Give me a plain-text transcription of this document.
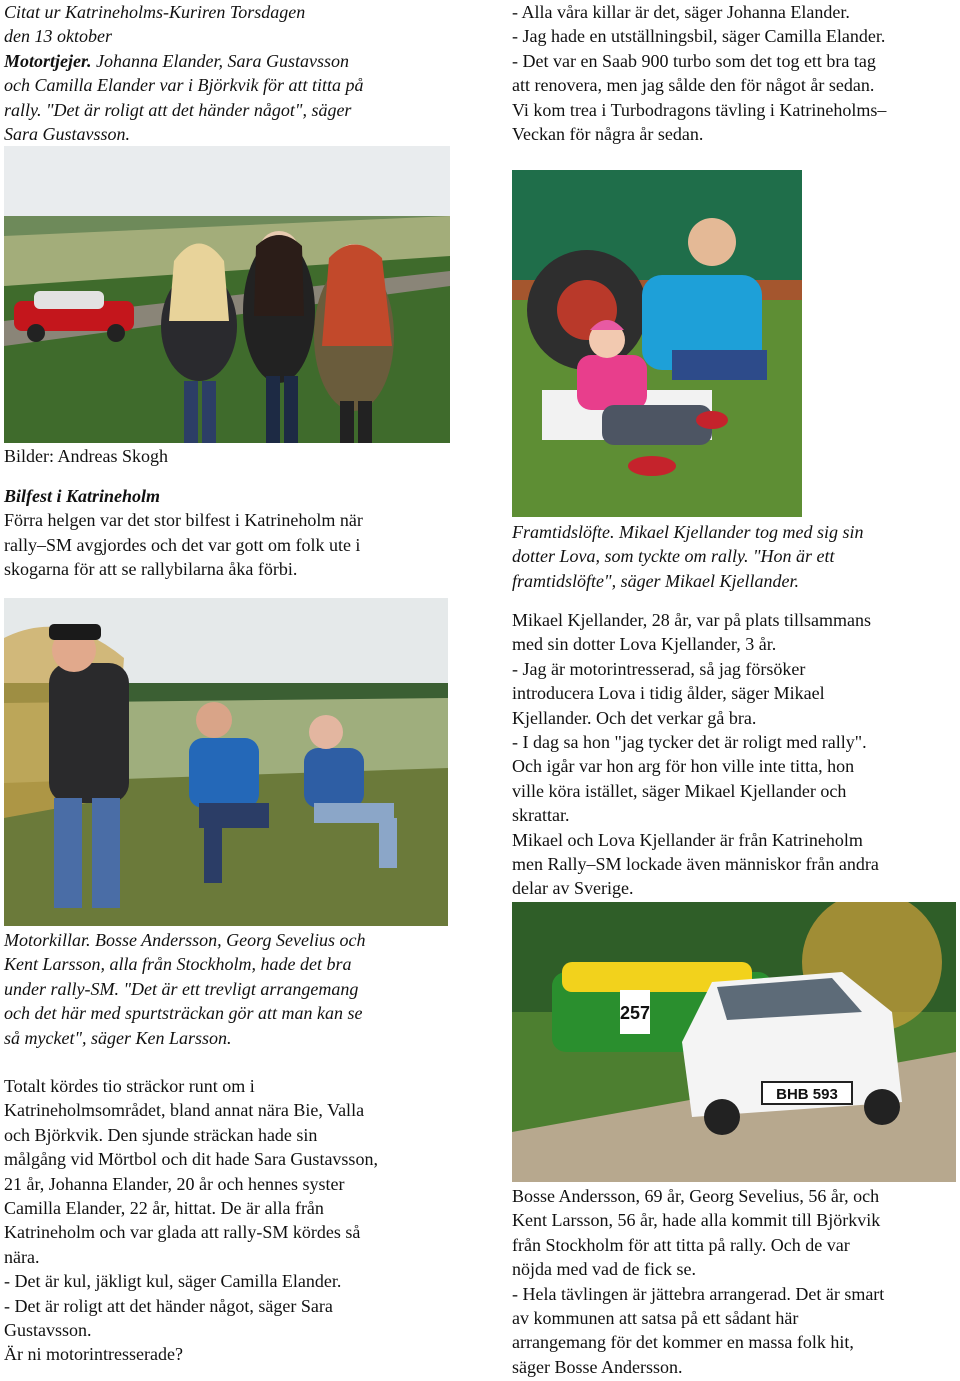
Citat ur Katrineholms-Kuriren Torsdagen

den 13 oktober

Motortjejer. Johanna Elander, Sara Gustavsson

och Camilla Elander var i Björkvik för att titta på

rally. "Det är roligt att det händer något", säger

Sara Gustavsson.

- Alla våra killar är det, säger Johanna Elander.

- Jag hade en utställningsbil, säger Camilla Elander.

- Det var en Saab 900 turbo som det tog ett bra tag

att renovera, men jag sålde den för något år sedan.

Vi kom trea i Turbodragons tävling i Katrineholms–

Veckan för några år sedan.

Bilder: Andreas Skogh

Bilfest i Katrineholm

Förra helgen var det stor bilfest i Katrineholm när

rally–SM avgjordes och det var gott om folk ute i

skogarna för att se rallybilarna åka förbi.

Framtidslöfte. Mikael Kjellander tog med sig sin

dotter Lova, som tyckte om rally. "Hon är ett

framtidslöfte", säger Mikael Kjellander.

Mikael Kjellander, 28 år, var på plats tillsammans

med sin dotter Lova Kjellander, 3 år.

- Jag är motorintresserad, så jag försöker

introducera Lova i tidig ålder, säger Mikael

Kjellander. Och det verkar gå bra.

- I dag sa hon "jag tycker det är roligt med rally".

Och igår var hon arg för hon ville inte titta, hon

ville köra istället, säger Mikael Kjellander och

skrattar.

Mikael och Lova Kjellander är från Katrineholm

men Rally–SM lockade även människor från andra

delar av Sverige.

257
BHB 593

Motorkillar. Bosse Andersson, Georg Sevelius och

Kent Larsson, alla från Stockholm, hade det bra

under rally-SM. "Det är ett trevligt arrangemang

och det här med spurtsträckan gör att man kan se

så mycket", säger Ken Larsson.

Totalt kördes tio sträckor runt om i

Katrineholmsområdet, bland annat nära Bie, Valla

och Björkvik. Den sjunde sträckan hade sin

målgång vid Mörtbol och dit hade Sara Gustavsson,

21 år, Johanna Elander, 20 år och hennes syster

Camilla Elander, 22 år, hittat. De är alla från

Katrineholm och var glada att rally-SM kördes så

nära.

- Det är kul, jäkligt kul, säger Camilla Elander.

- Det är roligt att det händer något, säger Sara

Gustavsson.

Är ni motorintresserade?

Bosse Andersson, 69 år, Georg Sevelius, 56 år, och

Kent Larsson, 56 år, hade alla kommit till Björkvik

från Stockholm för att titta på rally. Och de var

nöjda med vad de fick se.

- Hela tävlingen är jättebra arrangerad. Det är smart

av kommunen att satsa på ett sådant här

arrangemang för det kommer en massa folk hit,

säger Bosse Andersson.
